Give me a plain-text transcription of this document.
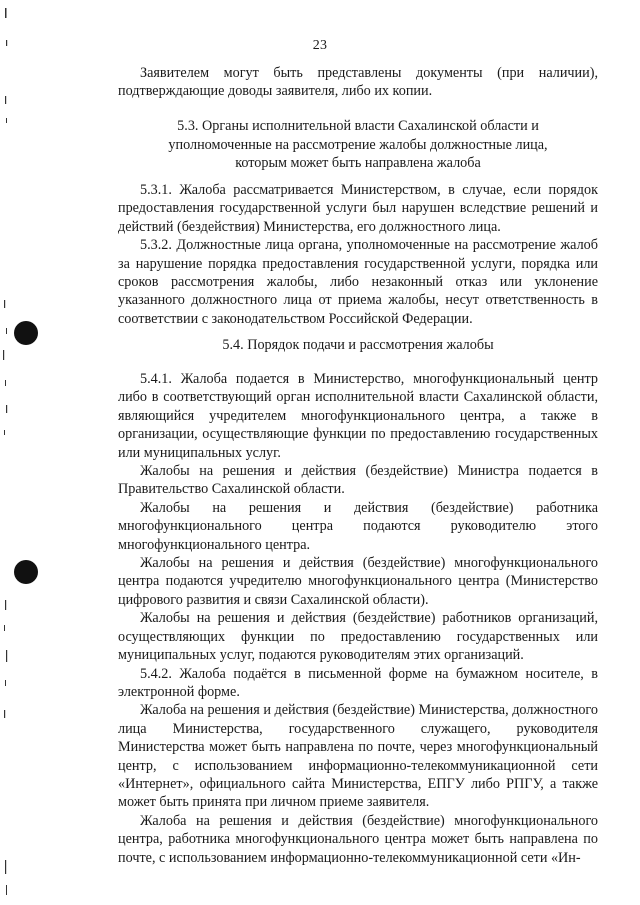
23

Заявителем могут быть представлены документы (при наличии), подтверждающие доводы заявителя, либо их копии.

5.3. Органы исполнительной власти Сахалинской области и
уполномоченные на рассмотрение жалобы должностные лица,
которым может быть направлена жалоба

5.3.1. Жалоба рассматривается Министерством, в случае, если порядок предоставления государственной услуги был нарушен вследствие решений и действий (бездействия) Министерства, его должностного лица.

5.3.2. Должностные лица органа, уполномоченные на рассмотрение жалоб за нарушение порядка предоставления государственной услуги, порядка или сроков рассмотрения жалобы, либо незаконный отказ или уклонение указанного должностного лица от приема жалобы, несут ответственность в соответствии с законодательством Российской Федерации.

5.4. Порядок подачи и рассмотрения жалобы

5.4.1. Жалоба подается в Министерство, многофункциональный центр либо в соответствующий орган исполнительной власти Сахалинской области, являющийся учредителем многофункционального центра, а также в организации, осуществляющие функции по предоставлению государственных или муниципальных услуг.

Жалобы на решения и действия (бездействие) Министра подается в Правительство Сахалинской области.

Жалобы на решения и действия (бездействие) работника многофункционального центра подаются руководителю этого многофункционального центра.

Жалобы на решения и действия (бездействие) многофункционального центра подаются учредителю многофункционального центра (Министерство цифрового развития и связи Сахалинской области).

Жалобы на решения и действия (бездействие) работников организаций, осуществляющих функции по предоставлению государственных или муниципальных услуг, подаются руководителям этих организаций.

5.4.2. Жалоба подаётся в письменной форме на бумажном носителе, в электронной форме.

Жалоба на решения и действия (бездействие) Министерства, должностного лица Министерства, государственного служащего, руководителя Министерства может быть направлена по почте, через многофункциональный центр, с использованием информационно-телекоммуникационной сети «Интернет», официального сайта Министерства, ЕПГУ либо РПГУ, а также может быть принята при личном приеме заявителя.

Жалоба на решения и действия (бездействие) многофункционального центра, работника многофункционального центра может быть направлена по почте, с использованием информационно-телекоммуникационной сети «Ин-
